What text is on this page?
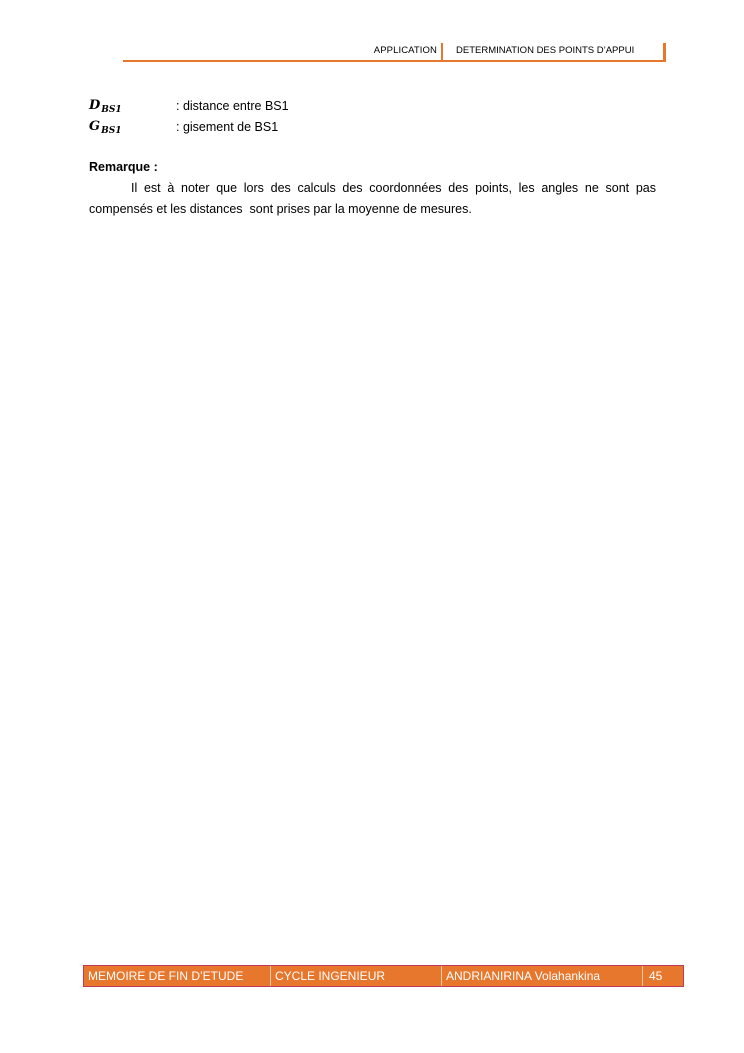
APPLICATION DETERMINATION DES POINTS D’APPUI
$D_{BS1}$	: distance entre BS1
$G_{BS1}$	: gisement de BS1
Remarque :
Il est à noter que lors des calculs des coordonnées des points, les angles ne sont pas
compensés et les distances  sont prises par la moyenne de mesures.
MEMOIRE DE FIN D’ETUDE	CYCLE INGENIEUR	ANDRIANIRINA Volahankina	45
